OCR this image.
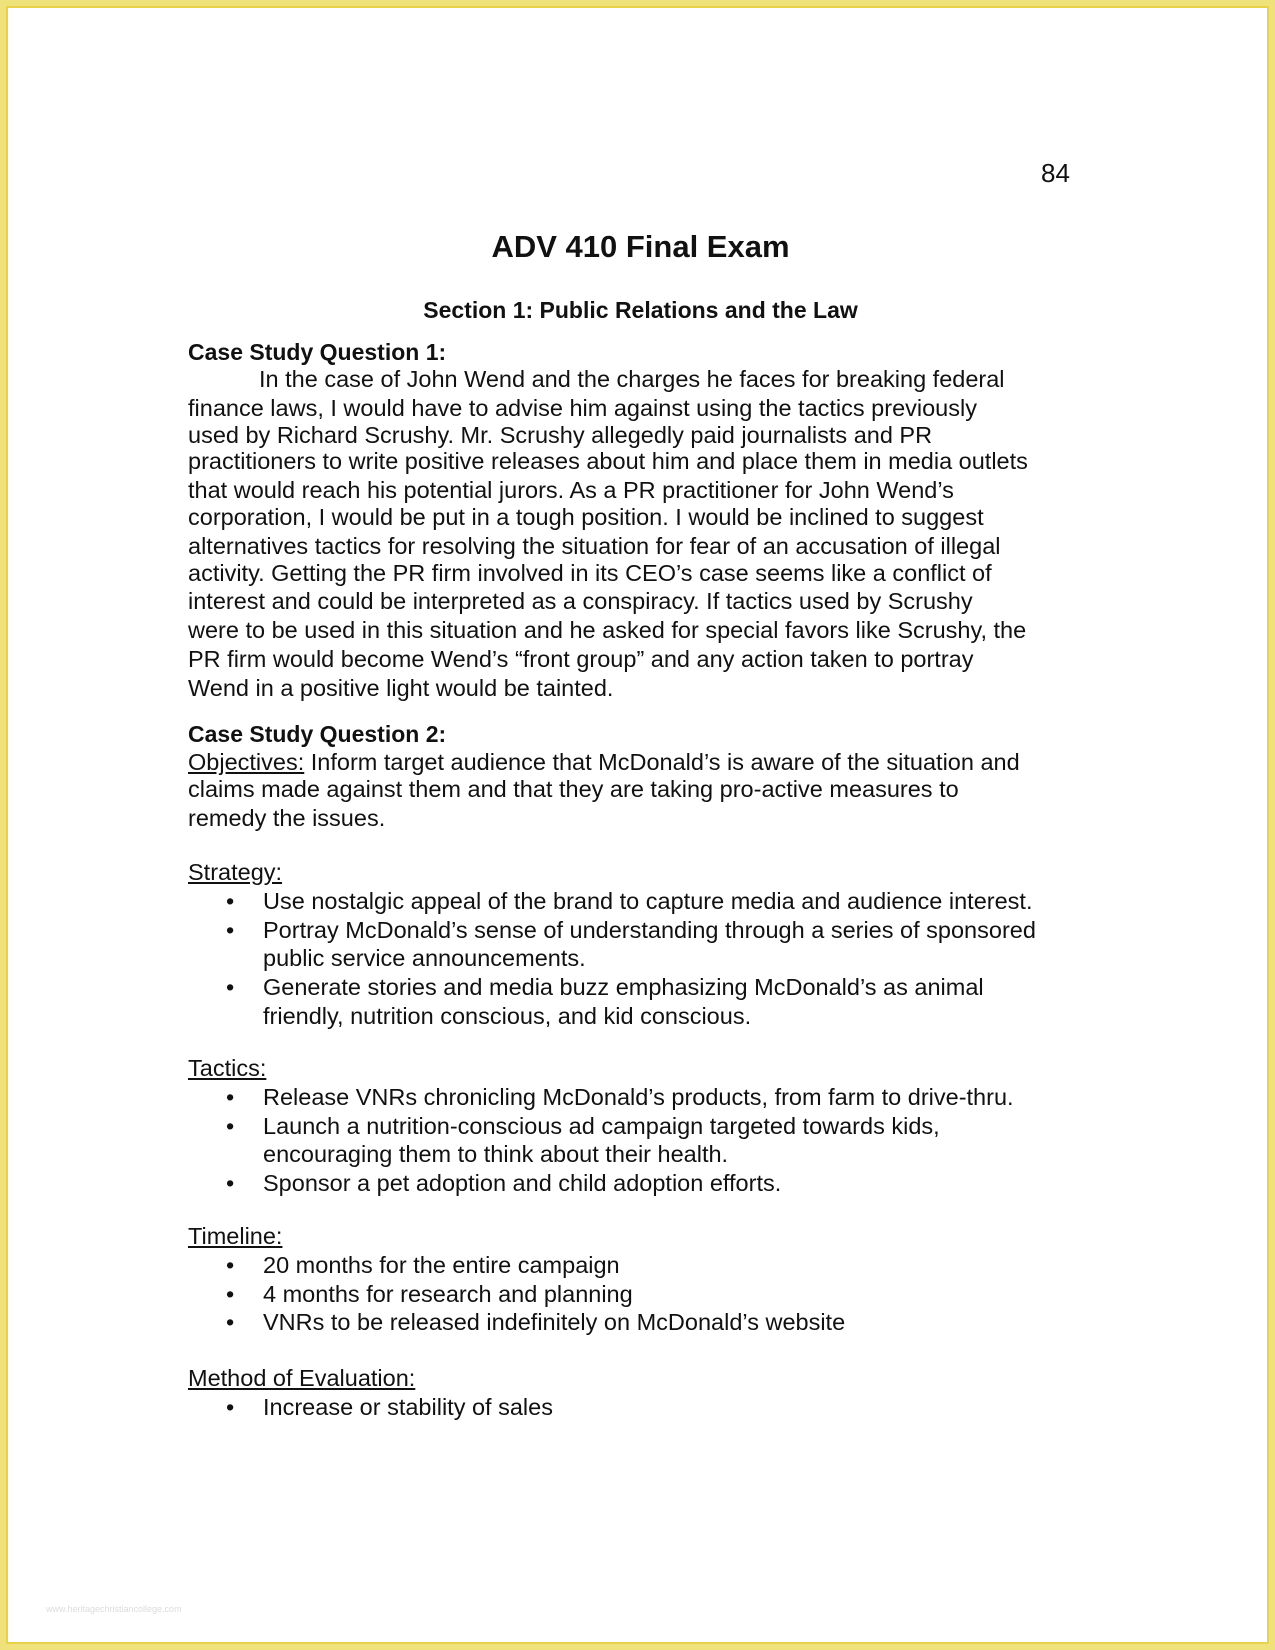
84
ADV 410 Final Exam
Section 1: Public Relations and the Law

Case Study Question 1:

In the case of John Wend and the charges he faces for breaking federal
finance laws, I would have to advise him against using the tactics previously
used by Richard Scrushy. Mr. Scrushy allegedly paid journalists and PR
practitioners to write positive releases about him and place them in media outlets
that would reach his potential jurors. As a PR practitioner for John Wend’s
corporation, I would be put in a tough position. I would be inclined to suggest
alternatives tactics for resolving the situation for fear of an accusation of illegal
activity. Getting the PR firm involved in its CEO’s case seems like a conflict of
interest and could be interpreted as a conspiracy. If tactics used by Scrushy
were to be used in this situation and he asked for special favors like Scrushy, the
PR firm would become Wend’s “front group” and any action taken to portray
Wend in a positive light would be tainted.

Case Study Question 2:

Objectives: Inform target audience that McDonald’s is aware of the situation and
claims made against them and that they are taking pro-active measures to
remedy the issues.

Strategy:

• Use nostalgic appeal of the brand to capture media and audience interest.
• Portray McDonald’s sense of understanding through a series of sponsored
public service announcements.
• Generate stories and media buzz emphasizing McDonald’s as animal
friendly, nutrition conscious, and kid conscious.

Tactics:

• Release VNRs chronicling McDonald’s products, from farm to drive-thru.
• Launch a nutrition-conscious ad campaign targeted towards kids,
encouraging them to think about their health.
• Sponsor a pet adoption and child adoption efforts.

Timeline:

• 20 months for the entire campaign
• 4 months for research and planning
• VNRs to be released indefinitely on McDonald’s website

Method of Evaluation:

• Increase or stability of sales
www.heritagechristiancollege.com
